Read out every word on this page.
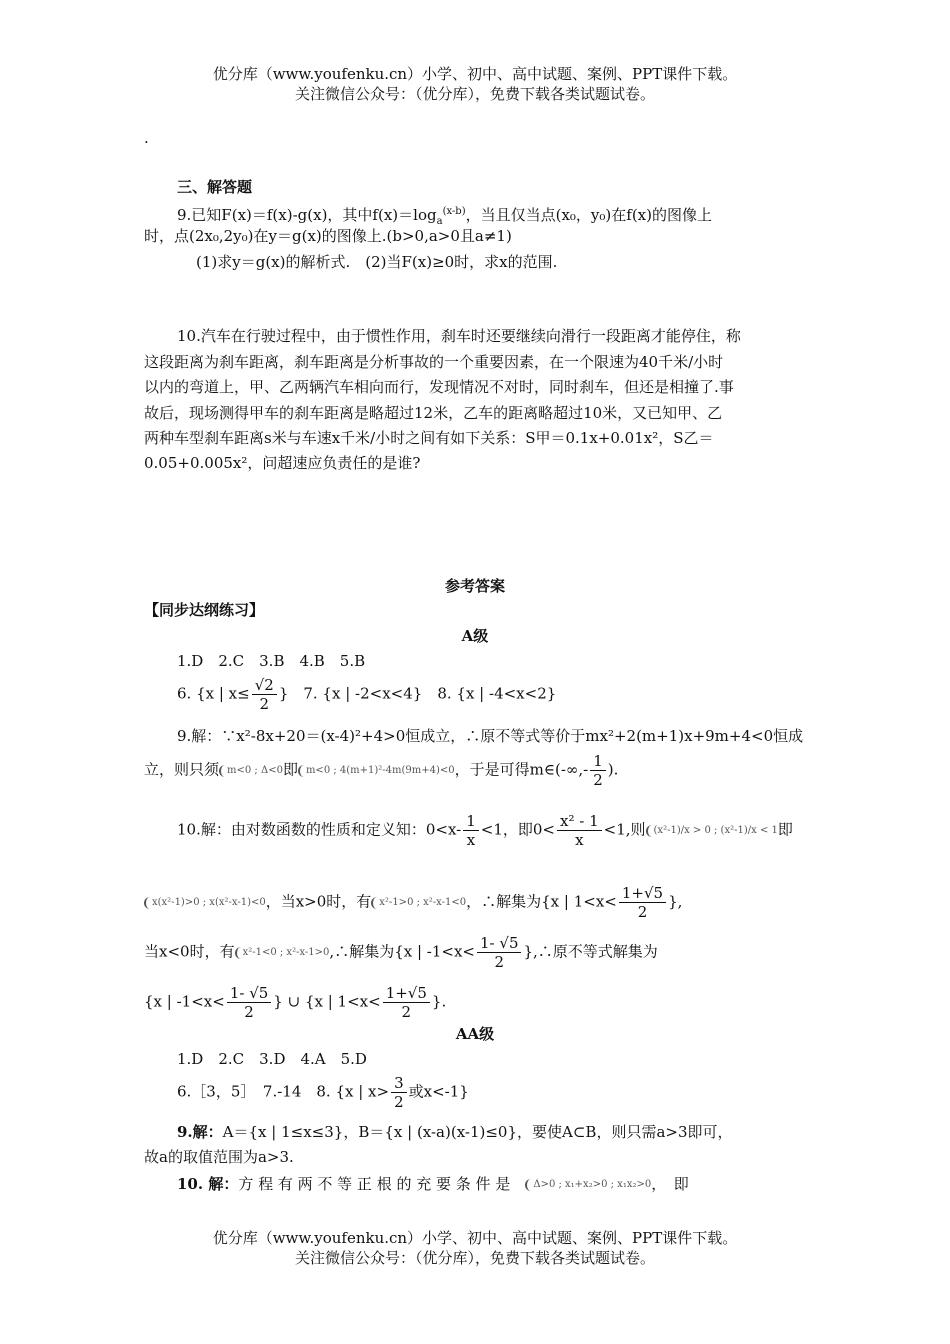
优分库（www.youfenku.cn）小学、初中、高中试题、案例、PPT课件下载。
关注微信公众号：（优分库），免费下载各类试题试卷。
.
三、解答题
9.已知F(x)＝f(x)-g(x)，其中$f(x)=\log_a^{(x-b)}$，当且仅当点(x₀，y₀)在f(x)的图像上
时，点(2x₀,2y₀)在y＝g(x)的图像上.(b>0,a>0且a≠1)
(1)求y＝g(x)的解析式.　(2)当F(x)≥0时，求x的范围.
10.汽车在行驶过程中，由于惯性作用，刹车时还要继续向滑行一段距离才能停住，称
这段距离为刹车距离，刹车距离是分析事故的一个重要因素，在一个限速为40千米/小时
以内的弯道上，甲、乙两辆汽车相向而行，发现情况不对时，同时刹车，但还是相撞了.事
故后，现场测得甲车的刹车距离是略超过12米，乙车的距离略超过10米，又已知甲、乙
两种车型刹车距离s米与车速x千米/小时之间有如下关系：S甲＝0.1x+0.01x²，S乙＝
0.05+0.005x²，问超速应负责任的是谁?
参考答案
【同步达纲练习】
A级
1.D　2.C　3.B　4.B　5.B
6. {x | $x\le \frac{√2}{2}$ }　7. {x | -2<x<4}　8. {x | -4<x<2}
9.解：∵x²-8x+20＝(x-4)²+4>0恒成立，∴原不等式等价于mx²+2(m+1)x+9m+4<0恒成
立，则只须 m<0 ; Δ<0即 m<0 ; 4(m+1)²-4m(9m+4)<0，于是可得m∈(-∞,- $\frac{1}{2}$ ).
10.解：由对数函数的性质和定义知：$0<x- \frac{1}{x} <1$，即$0< \frac{\text{x² - 1}}{x} <1$,则 (x²-1)/x > 0 ; (x²-1)/x < 1即
x(x²-1)>0 ; x(x²-x-1)<0，当x>0时，有 x²-1>0 ; x²-x-1<0，∴解集为{x | $1<x< \frac{1+√5}{2}$ },
当x<0时，有 x²-1<0 ; x²-x-1>0,∴解集为{x | $-1<x< \frac{1- √5}{2}$ },∴原不等式解集为
{x | $-1<x< \frac{1- √5}{2}$ } ∪ {x | $1<x< \frac{1+√5}{2}$ }.
AA级
1.D　2.C　3.D　4.A　5.D
6.［3，5］　7.-14　8. {x | $x> \frac{3}{2}$ 或x<-1}
9.解：A＝{x | 1≤x≤3}，B＝{x | (x-a)(x-1)≤0}，要使A⊂B，则只需a>3即可，
故a的取值范围为a>3.
10. 解：方 程 有 两 不 等 正 根 的 充 要 条 件 是　 Δ>0 ; x₁+x₂>0 ; x₁x₂>0，　即
优分库（www.youfenku.cn）小学、初中、高中试题、案例、PPT课件下载。
关注微信公众号：（优分库），免费下载各类试题试卷。
